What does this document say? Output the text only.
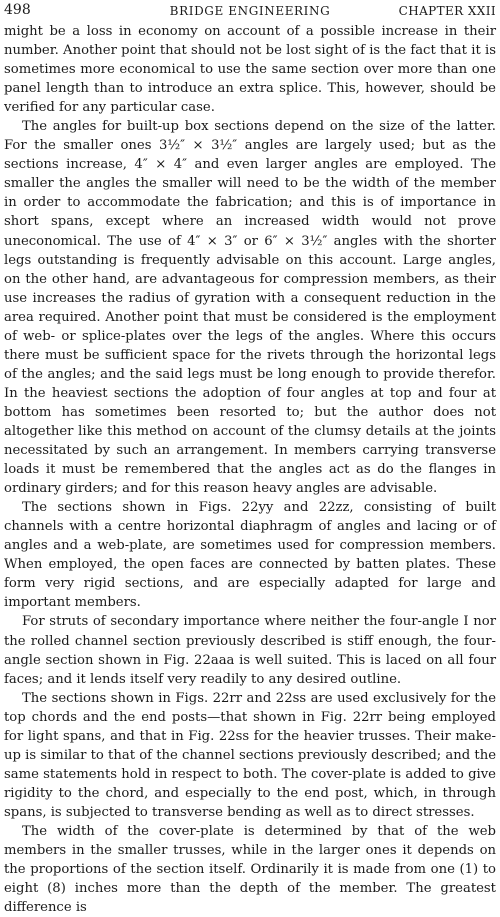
498	BRIDGE ENGINEERING	CHAPTER XXII

might be a loss in economy on account of a possible increase in their number. Another point that should not be lost sight of is the fact that it is sometimes more economical to use the same section over more than one panel length than to introduce an extra splice. This, however, should be verified for any particular case.

The angles for built-up box sections depend on the size of the latter. For the smaller ones 3½″ × 3½″ angles are largely used; but as the sections increase, 4″ × 4″ and even larger angles are employed. The smaller the angles the smaller will need to be the width of the member in order to accommodate the fabrication; and this is of importance in short spans, except where an increased width would not prove uneconomical. The use of 4″ × 3″ or 6″ × 3½″ angles with the shorter legs outstanding is frequently advisable on this account. Large angles, on the other hand, are advantageous for compression members, as their use increases the radius of gyration with a consequent reduction in the area required. Another point that must be considered is the employment of web- or splice-plates over the legs of the angles. Where this occurs there must be sufficient space for the rivets through the horizontal legs of the angles; and the said legs must be long enough to provide therefor. In the heaviest sections the adoption of four angles at top and four at bottom has sometimes been resorted to; but the author does not altogether like this method on account of the clumsy details at the joints necessitated by such an arrangement. In members carrying transverse loads it must be remembered that the angles act as do the flanges in ordinary girders; and for this reason heavy angles are advisable.

The sections shown in Figs. 22yy and 22zz, consisting of built channels with a centre horizontal diaphragm of angles and lacing or of angles and a web-plate, are sometimes used for compression members. When employed, the open faces are connected by batten plates. These form very rigid sections, and are especially adapted for large and important members.

For struts of secondary importance where neither the four-angle I nor the rolled channel section previously described is stiff enough, the four-angle section shown in Fig. 22aaa is well suited. This is laced on all four faces; and it lends itself very readily to any desired outline.

The sections shown in Figs. 22rr and 22ss are used exclusively for the top chords and the end posts—that shown in Fig. 22rr being employed for light spans, and that in Fig. 22ss for the heavier trusses. Their make-up is similar to that of the channel sections previously described; and the same statements hold in respect to both. The cover-plate is added to give rigidity to the chord, and especially to the end post, which, in through spans, is subjected to transverse bending as well as to direct stresses.

The width of the cover-plate is determined by that of the web members in the smaller trusses, while in the larger ones it depends on the proportions of the section itself. Ordinarily it is made from one (1) to eight (8) inches more than the depth of the member. The greatest difference is
